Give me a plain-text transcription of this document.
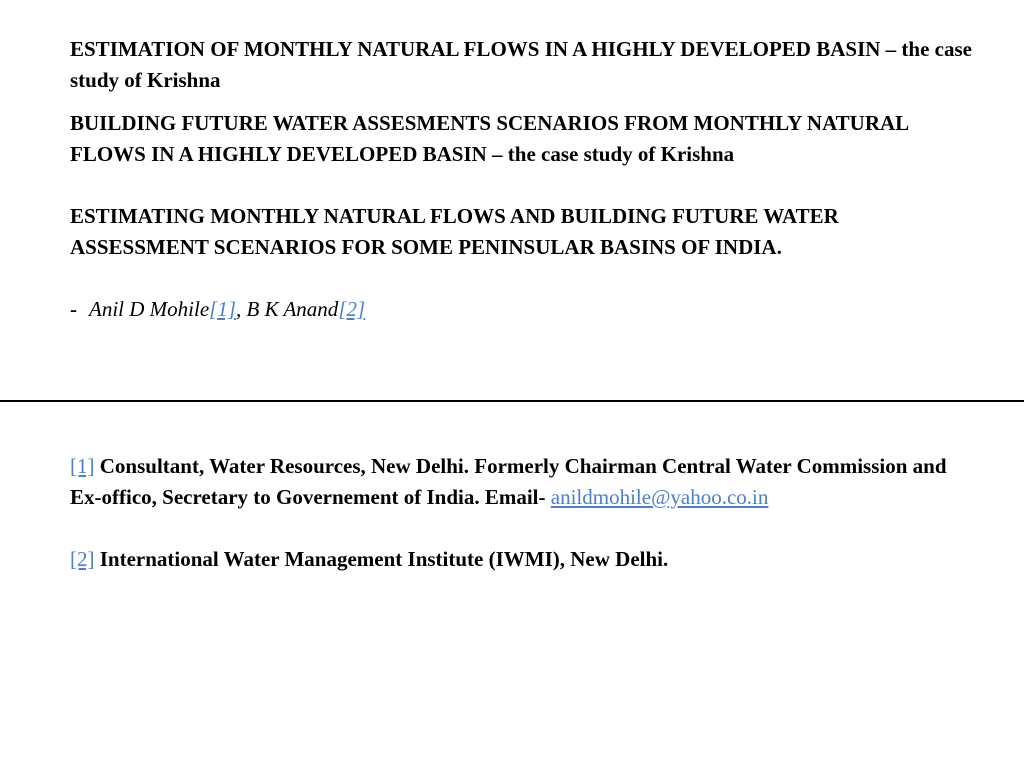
ESTIMATION OF MONTHLY NATURAL FLOWS IN A HIGHLY DEVELOPED BASIN – the case study of Krishna

BUILDING FUTURE WATER ASSESMENTS SCENARIOS FROM MONTHLY NATURAL FLOWS IN A HIGHLY DEVELOPED BASIN – the case study of Krishna

ESTIMATING MONTHLY NATURAL FLOWS AND BUILDING FUTURE WATER ASSESSMENT SCENARIOS FOR SOME PENINSULAR BASINS OF INDIA.

- Anil D Mohile[1], B K Anand[2]

[1] Consultant, Water Resources, New Delhi. Formerly Chairman Central Water Commission and Ex-offico, Secretary to Governement of India. Email- anildmohile@yahoo.co.in

[2] International Water Management Institute (IWMI), New Delhi.
